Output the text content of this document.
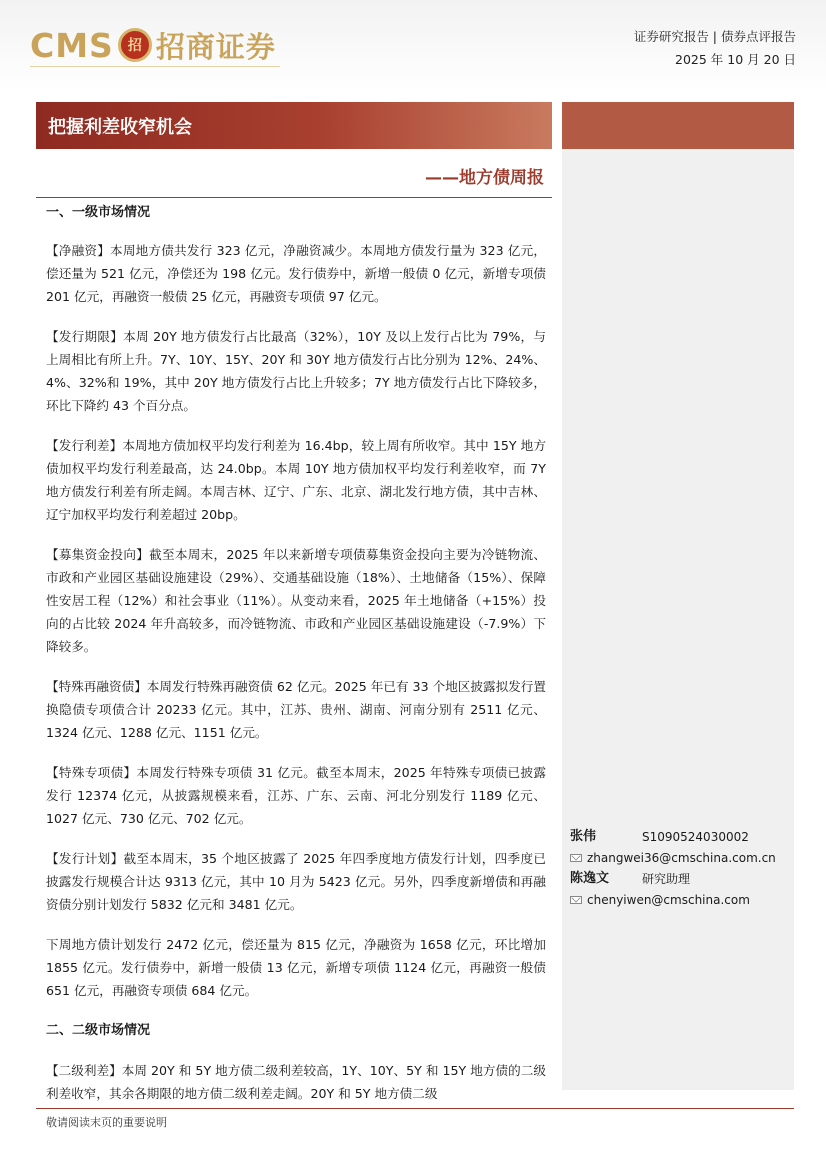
CMS	招 招商证券	证券研究报告 | 债券点评报告
2025 年 10 月 20 日
把握利差收窄机会
——地方债周报

一、一级市场情况

【净融资】本周地方债共发行 323 亿元，净融资减少。本周地方债发行量为 323 亿元，偿还量为 521 亿元，净偿还为 198 亿元。发行债券中，新增一般债 0 亿元，新增专项债 201 亿元，再融资一般债 25 亿元，再融资专项债 97 亿元。

【发行期限】本周 20Y 地方债发行占比最高（32%），10Y 及以上发行占比为 79%，与上周相比有所上升。7Y、10Y、15Y、20Y 和 30Y 地方债发行占比分别为 12%、24%、4%、32%和 19%，其中 20Y 地方债发行占比上升较多；7Y 地方债发行占比下降较多，环比下降约 43 个百分点。

【发行利差】本周地方债加权平均发行利差为 16.4bp，较上周有所收窄。其中 15Y 地方债加权平均发行利差最高，达 24.0bp。本周 10Y 地方债加权平均发行利差收窄，而 7Y 地方债发行利差有所走阔。本周吉林、辽宁、广东、北京、湖北发行地方债，其中吉林、辽宁加权平均发行利差超过 20bp。

【募集资金投向】截至本周末，2025 年以来新增专项债募集资金投向主要为冷链物流、市政和产业园区基础设施建设（29%）、交通基础设施（18%）、土地储备（15%）、保障性安居工程（12%）和社会事业（11%）。从变动来看，2025 年土地储备（+15%）投向的占比较 2024 年升高较多，而冷链物流、市政和产业园区基础设施建设（-7.9%）下降较多。

【特殊再融资债】本周发行特殊再融资债 62 亿元。2025 年已有 33 个地区披露拟发行置换隐债专项债合计 20233 亿元。其中，江苏、贵州、湖南、河南分别有 2511 亿元、1324 亿元、1288 亿元、1151 亿元。

【特殊专项债】本周发行特殊专项债 31 亿元。截至本周末，2025 年特殊专项债已披露发行 12374 亿元，从披露规模来看，江苏、广东、云南、河北分别发行 1189 亿元、1027 亿元、730 亿元、702 亿元。

【发行计划】截至本周末，35 个地区披露了 2025 年四季度地方债发行计划，四季度已披露发行规模合计达 9313 亿元，其中 10 月为 5423 亿元。另外，四季度新增债和再融资债分别计划发行 5832 亿元和 3481 亿元。

下周地方债计划发行 2472 亿元，偿还量为 815 亿元，净融资为 1658 亿元，环比增加 1855 亿元。发行债券中，新增一般债 13 亿元，新增专项债 1124 亿元，再融资一般债 651 亿元，再融资专项债 684 亿元。

二、二级市场情况

【二级利差】本周 20Y 和 5Y 地方债二级利差较高，1Y、10Y、5Y 和 15Y 地方债的二级利差收窄，其余各期限的地方债二级利差走阔。20Y 和 5Y 地方债二级

张伟	S1090524030002
zhangwei36@cmschina.com.cn
陈逸文	研究助理
chenyiwen@cmschina.com
敬请阅读末页的重要说明
